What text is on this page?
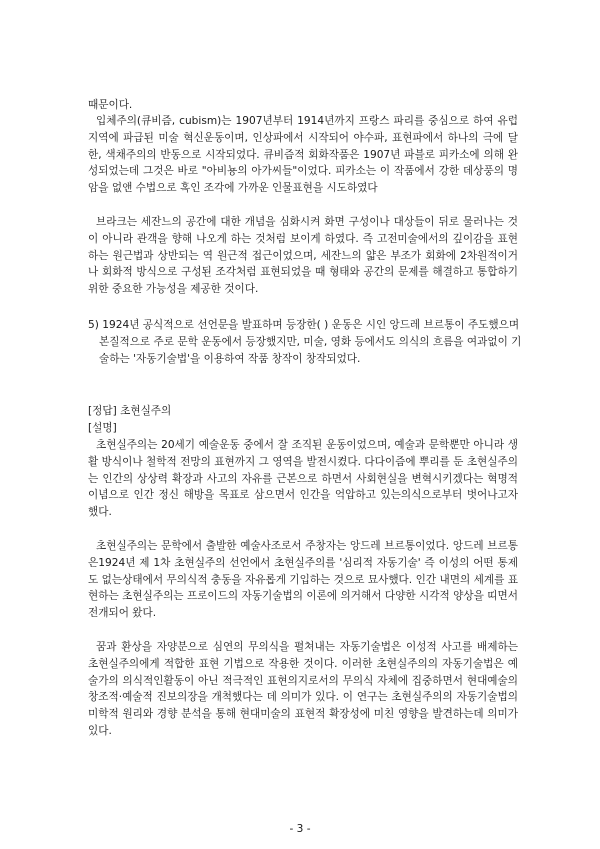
때문이다.

입체주의(큐비즘, cubism)는 1907년부터 1914년까지 프랑스 파리를 중심으로 하여 유럽지역에 파급된 미술 혁신운동이며, 인상파에서 시작되어 야수파, 표현파에서 하나의 극에 달한, 색채주의의 반동으로 시작되었다. 큐비즘적 회화작품은 1907년 파블로 피카소에 의해 완성되었는데 그것은 바로 "아비뇽의 아가씨들"이었다. 피카소는 이 작품에서 강한 데상풍의 명암을 없앤 수법으로 혹인 조각에 가까운 인물표현을 시도하였다

브라크는 세잔느의 공간에 대한 개념을 심화시켜 화면 구성이나 대상들이 뒤로 물러나는 것이 아니라 관객을 향해 나오게 하는 것처럼 보이게 하였다. 즉 고전미술에서의 깊이감을 표현하는 원근법과 상반되는 역 원근적 접근이었으며, 세잔느의 얇은 부조가 회화에 2차원적이거나 회화적 방식으로 구성된 조각처럼 표현되었을 때 형태와 공간의 문제를 해결하고 통합하기 위한 중요한 가능성을 제공한 것이다.

5) 1924년 공식적으로 선언문을 발표하며 등장한( ) 운동은 시인 앙드레 브르통이 주도했으며 본질적으로 주로 문학 운동에서 등장했지만, 미술, 영화 등에서도 의식의 흐름을 여과없이 기술하는 '자동기술법'을 이용하여 작품 창작이 창작되었다.

[정답] 초현실주의

[설명]

초현실주의는 20세기 예술운동 중에서 잘 조직된 운동이었으며, 예술과 문학뿐만 아니라 생활 방식이나 철학적 전망의 표현까지 그 영역을 발전시켰다. 다다이즘에 뿌리를 둔 초현실주의는 인간의 상상력 확장과 사고의 자유를 근본으로 하면서 사회현실을 변혁시키겠다는 혁명적 이념으로 인간 정신 해방을 목표로 삼으면서 인간을 억압하고 있는의식으로부터 벗어나고자 했다.

초현실주의는 문학에서 출발한 예술사조로서 주창자는 앙드레 브르통이었다. 앙드레 브르통은1924년 제 1차 초현실주의 선언에서 초현실주의를 '심리적 자동기술' 즉 이성의 어떤 통제도 없는상태에서 무의식적 충동을 자유롭게 기입하는 것으로 묘사했다. 인간 내면의 세계를 표현하는 초현실주의는 프로이드의 자동기술법의 이론에 의거해서 다양한 시각적 양상을 띠면서 전개되어 왔다.

꿈과 환상을 자양분으로 심연의 무의식을 펼쳐내는 자동기술법은 이성적 사고를 배제하는 초현실주의에게 적합한 표현 기법으로 작용한 것이다. 이러한 초현실주의의 자동기술법은 예술가의 의식적인활동이 아닌 적극적인 표현의지로서의 무의식 자체에 집중하면서 현대예술의 창조적·예술적 진보의장을 개척했다는 데 의미가 있다. 이 연구는 초현실주의의 자동기술법의 미학적 원리와 경향 분석을 통해 현대미술의 표현적 확장성에 미친 영향을 발견하는데 의미가 있다.

- 3 -
